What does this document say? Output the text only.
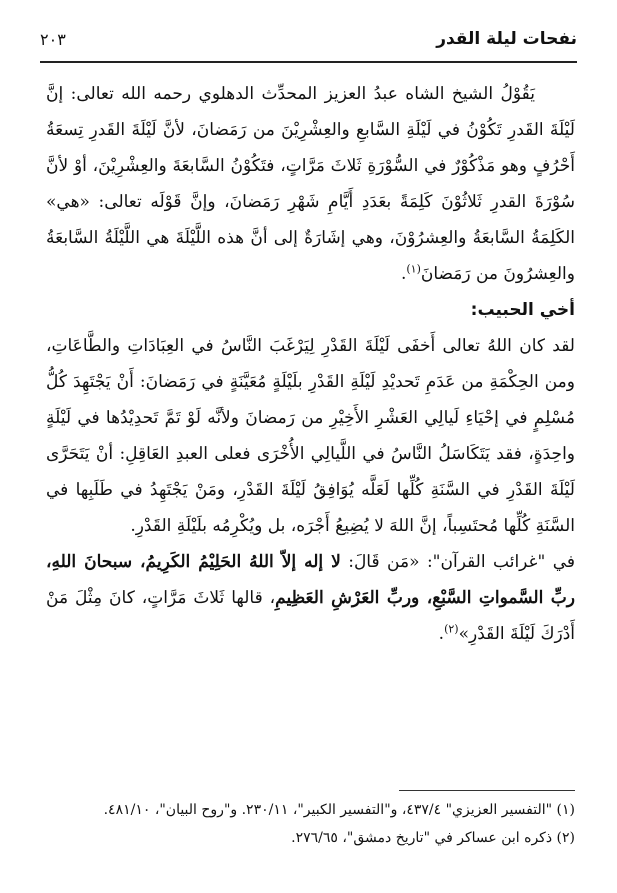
نفحات ليلة القدر
٢٠٣

يَقُوْلُ الشيخ الشاه عبدُ العزيز المحدِّث الدهلوي رحمه الله تعالى: إنَّ لَيْلَةَ القَدرِ تَكُوْنُ في لَيْلَةِ السَّابعِ والعِشْرِيْنَ من رَمَضانَ، لأنَّ لَيْلَةَ القَدرِ تِسعَةُ أَحْرُفٍ وهو مَذْكُوْرٌ في السُّوْرَةِ ثَلاثَ مَرَّاتٍ، فتَكُوْنُ السَّابعَةَ والعِشْرِيْنَ، أوْ لأنَّ سُوْرَةَ القدرِ ثَلاثُوْنَ كَلِمَةً بعَدَدِ أَيَّامِ شَهْرِ رَمَضانَ، وإنَّ قَوْلَه تعالى: «هي» الكَلِمَةُ السَّابعَةُ والعِشرُوْنَ، وهي إشَارَةٌ إلى أنَّ هذه اللَّيْلَةَ هي اللَّيْلَةُ السَّابعَةُ والعِشرُونَ من رَمَضانَ$^{(١)}$.

أخي الحبيب:

لقد كان اللهُ تعالى أَخفَى لَيْلَةَ القَدْرِ لِيَرْغَبَ النَّاسُ في العِبَادَاتِ والطَّاعَاتِ، ومن الحِكْمَةِ من عَدَمِ تَحديْدِ لَيْلَةِ القَدْرِ بلَيْلَةٍ مُعَيَّنَةٍ في رَمَضانَ: أَنْ يَجْتَهِدَ كُلُّ مُسْلِمٍ في إحْيَاءِ لَيالِي العَشْرِ الأَخِيْرِ من رَمضانَ ولأنَّه لَوْ تَمَّ تَحدِيْدُها في لَيْلَةٍ واحِدَةٍ، فقد يَتَكَاسَلُ النَّاسُ في اللَّيالِي الأُخْرَى فعلى العبدِ العَاقِلِ: أنْ يَتَحَرَّى لَيْلَةَ القَدْرِ في السَّنَةِ كُلِّها لَعَلَّه يُوَافِقُ لَيْلَةَ القَدْرِ، ومَنْ يَجْتَهِدُ في طَلَبِها في السَّنَةِ كُلِّها مُحتَسِباً، إنَّ اللهَ لا يُضِيعُ أَجْرَه، بل ويُكْرِمُه بلَيْلَةِ القَدْرِ.

في "غرائب القرآن": «مَن قَالَ: لا إله إلاّ اللهُ الحَلِيْمُ الكَرِيمُ، سبحانَ اللهِ، ربِّ السَّمواتِ السَّبْعِ، وربِّ العَرْشِ العَظِيمِ، قالها ثَلاثَ مَرَّاتٍ، كانَ مِثْلَ مَنْ أَدْرَكَ لَيْلَةَ القَدْرِ»$^{(٢)}$.

(١) "التفسير العزيزي" ٤٣٧/٤، و"التفسير الكبير"، ٢٣٠/١١. و"روح البيان"، ٤٨١/١٠.

(٢) ذكره ابن عساكر في "تاريخ دمشق"، ٢٧٦/٦٥.
